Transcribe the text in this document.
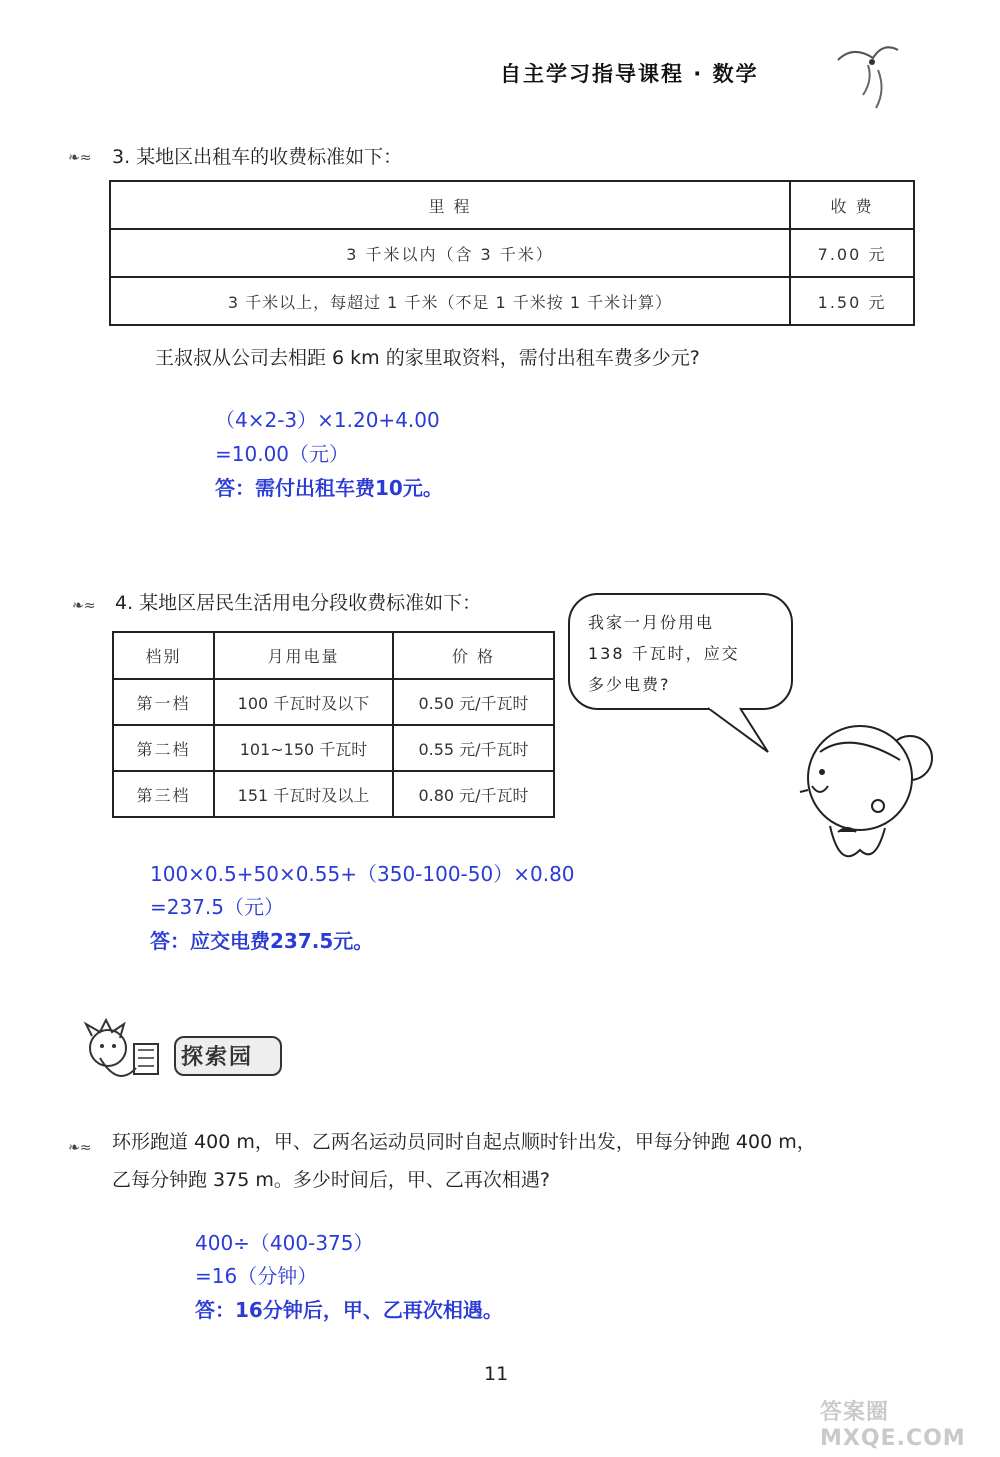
自主学习指导课程 · 数学
❧≈ 3. 某地区出租车的收费标准如下：
里 程	收 费
3 千米以内（含 3 千米）	7.00 元
3 千米以上，每超过 1 千米（不足 1 千米按 1 千米计算）	1.50 元
王叔叔从公司去相距 6 km 的家里取资料，需付出租车费多少元?
（4×2-3）×1.20+4.00
=10.00（元）
答：需付出租车费10元。
❧≈ 4. 某地区居民生活用电分段收费标准如下：
档别	月用电量	价 格
第一档	100 千瓦时及以下	0.50 元/千瓦时
第二档	101~150 千瓦时	0.55 元/千瓦时
第三档	151 千瓦时及以上	0.80 元/千瓦时
我家一月份用电
138 千瓦时，应交
多少电费?
100×0.5+50×0.55+（350-100-50）×0.80
=237.5（元）
答：应交电费237.5元。
探索园
❧≈ 环形跑道 400 m，甲、乙两名运动员同时自起点顺时针出发，甲每分钟跑 400 m，
乙每分钟跑 375 m。多少时间后，甲、乙再次相遇?
400÷（400-375）
=16（分钟）
答：16分钟后，甲、乙再次相遇。
11
答案圈 MXQE.COM
